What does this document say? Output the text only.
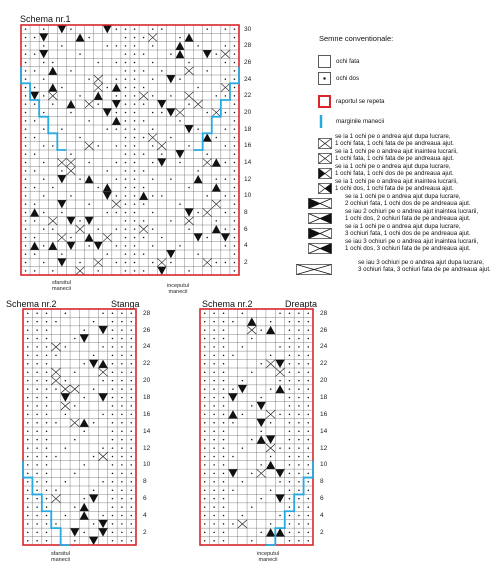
Schema nr.1
Schema nr.2	Stanga	Schema nr.2	Dreapta
30
28
26
24
22
20
18
16
14
12
10
8
6
4
2
28
26
24
22
20
18
16
14
12
10
8
6
4
2
28
26
24
22
20
18
16
14
12
10
8
6
4
2
sfarsitul
manecii	inceputul
manecii
sfarsitul
manecii
inceputul
manecii
Semne conventionale:
ochi fata
ochi dos
raportul se repeta
marginile manecii
se ia 1 ochi pe o andrea ajut dupa lucrare,
1 ochi fata, 1 ochi fata de pe andreaua ajut.
se ia 1 ochi pe o andrea ajut inaintea lucrarii,
1 ochi fata, 1 ochi fata de pe andreaua ajut.
se ia 1 ochi pe o andrea ajut dupa lucrare,
1 ochi fata, 1 ochi dos de pe andreaua ajut.
se ia 1 ochi pe o andrea ajut inaintea lucrarii,
1 ochi dos, 1 ochi fata de pe andreaua ajut.
se ia 1 ochi pe o andrea ajut dupa lucrare,
2 ochiuri fata, 1 ochi dos de pe andreaua ajut.
se iau 2 ochiuri pe o andrea ajut inaintea lucrarii,
1 ochi dos, 2 ochiuri fata de pe andreaua ajut.
se ia 1 ochi pe o andrea ajut dupa lucrare,
3 ochiuri fata, 1 ochi dos de pe andreaua ajut.
se iau 3 ochiuri pe o andrea ajut inaintea lucrarii,
1 ochi dos, 3 ochiuri fata de pe andreaua ajut.
se iau 3 ochiuri pe o andrea ajut dupa lucrare,
3 ochiuri fata, 3 ochiuri fata de pe andreaua ajut.
